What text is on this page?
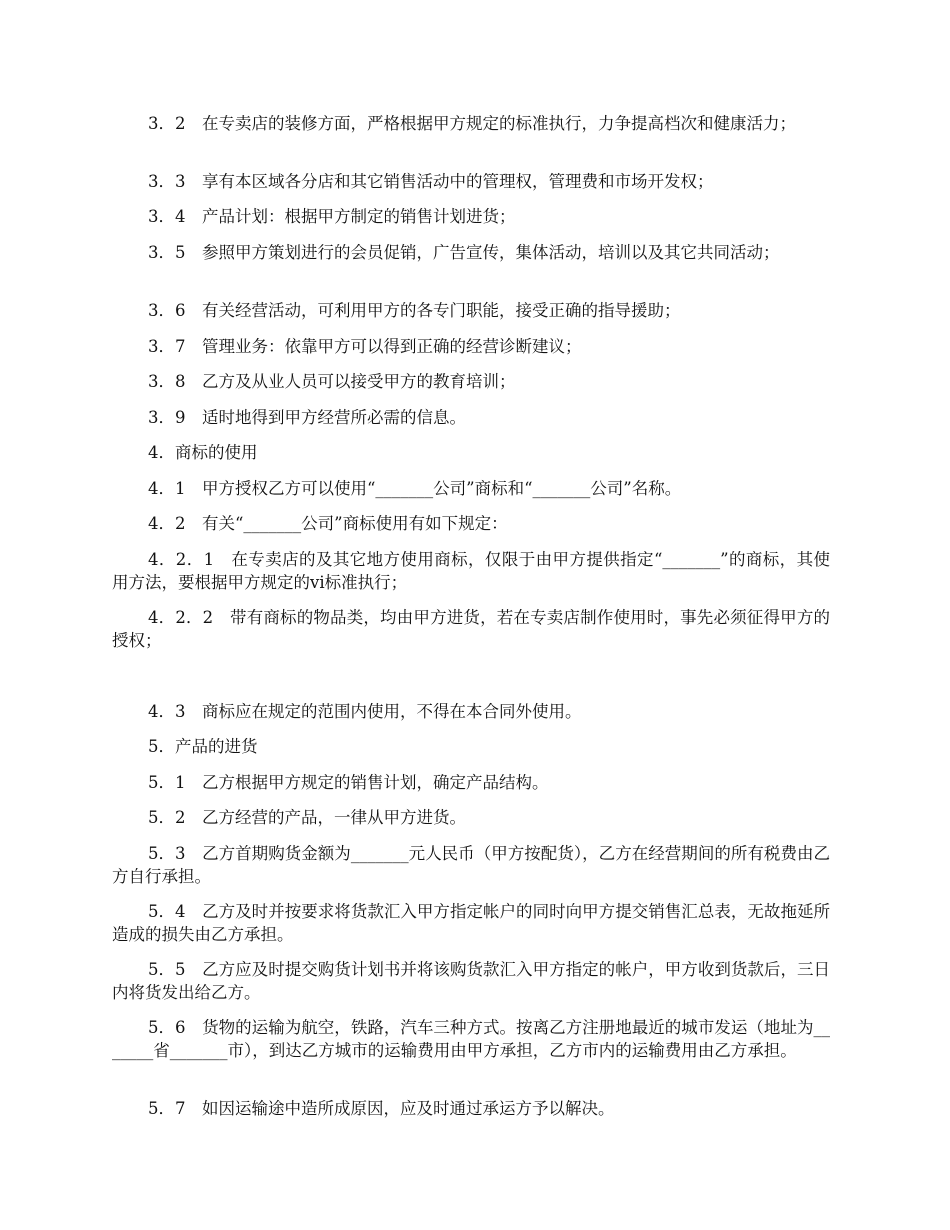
3．2　在专卖店的装修方面，严格根据甲方规定的标准执行，力争提高档次和健康活力；

3．3　享有本区域各分店和其它销售活动中的管理权，管理费和市场开发权；

3．4　产品计划：根据甲方制定的销售计划进货；

3．5　参照甲方策划进行的会员促销，广告宣传，集体活动，培训以及其它共同活动；

3．6　有关经营活动，可利用甲方的各专门职能，接受正确的指导援助；

3．7　管理业务：依靠甲方可以得到正确的经营诊断建议；

3．8　乙方及从业人员可以接受甲方的教育培训；

3．9　适时地得到甲方经营所必需的信息。

4．商标的使用

4．1　甲方授权乙方可以使用“_______公司”商标和“_______公司”名称。

4．2　有关“_______公司”商标使用有如下规定：

4．2．1　在专卖店的及其它地方使用商标，仅限于由甲方提供指定“_______”的商标，其使用方法，要根据甲方规定的vi标准执行；

4．2．2　带有商标的物品类，均由甲方进货，若在专卖店制作使用时，事先必须征得甲方的授权；

4．3　商标应在规定的范围内使用，不得在本合同外使用。

5．产品的进货

5．1　乙方根据甲方规定的销售计划，确定产品结构。

5．2　乙方经营的产品，一律从甲方进货。

5．3　乙方首期购货金额为_______元人民币（甲方按配货），乙方在经营期间的所有税费由乙方自行承担。

5．4　乙方及时并按要求将货款汇入甲方指定帐户的同时向甲方提交销售汇总表，无故拖延所造成的损失由乙方承担。

5．5　乙方应及时提交购货计划书并将该购货款汇入甲方指定的帐户，甲方收到货款后，三日内将货发出给乙方。

5．6　货物的运输为航空，铁路，汽车三种方式。按离乙方注册地最近的城市发运（地址为_______省_______市），到达乙方城市的运输费用由甲方承担，乙方市内的运输费用由乙方承担。

5．7　如因运输途中造所成原因，应及时通过承运方予以解决。
